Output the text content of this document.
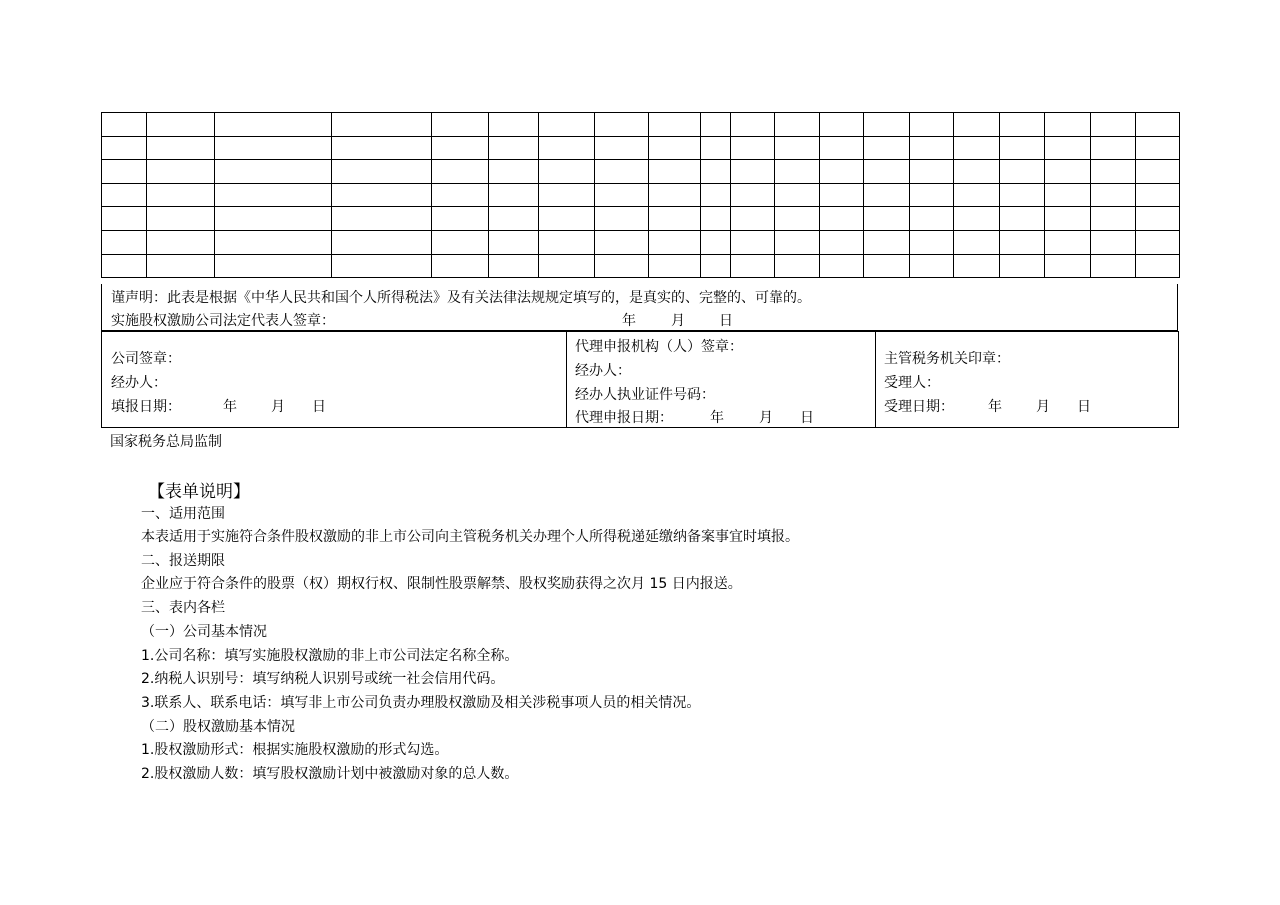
谨声明：此表是根据《中华人民共和国个人所得税法》及有关法律法规规定填写的，是真实的、完整的、可靠的。
实施股权激励公司法定代表人签章：	年	月 日
公司签章：
经办人：
填报日期：	年 月 日
代理申报机构（人）签章：
经办人：
经办人执业证件号码：
代理申报日期：	年	月 日
主管税务机关印章：
受理人：
受理日期： 年 月 日
国家税务总局监制
【表单说明】
一、适用范围
本表适用于实施符合条件股权激励的非上市公司向主管税务机关办理个人所得税递延缴纳备案事宜时填报。
二、报送期限
企业应于符合条件的股票（权）期权行权、限制性股票解禁、股权奖励获得之次月 15 日内报送。
三、表内各栏
（一）公司基本情况
1.公司名称：填写实施股权激励的非上市公司法定名称全称。
2.纳税人识别号：填写纳税人识别号或统一社会信用代码。
3.联系人、联系电话：填写非上市公司负责办理股权激励及相关涉税事项人员的相关情况。
（二）股权激励基本情况
1.股权激励形式：根据实施股权激励的形式勾选。
2.股权激励人数：填写股权激励计划中被激励对象的总人数。
